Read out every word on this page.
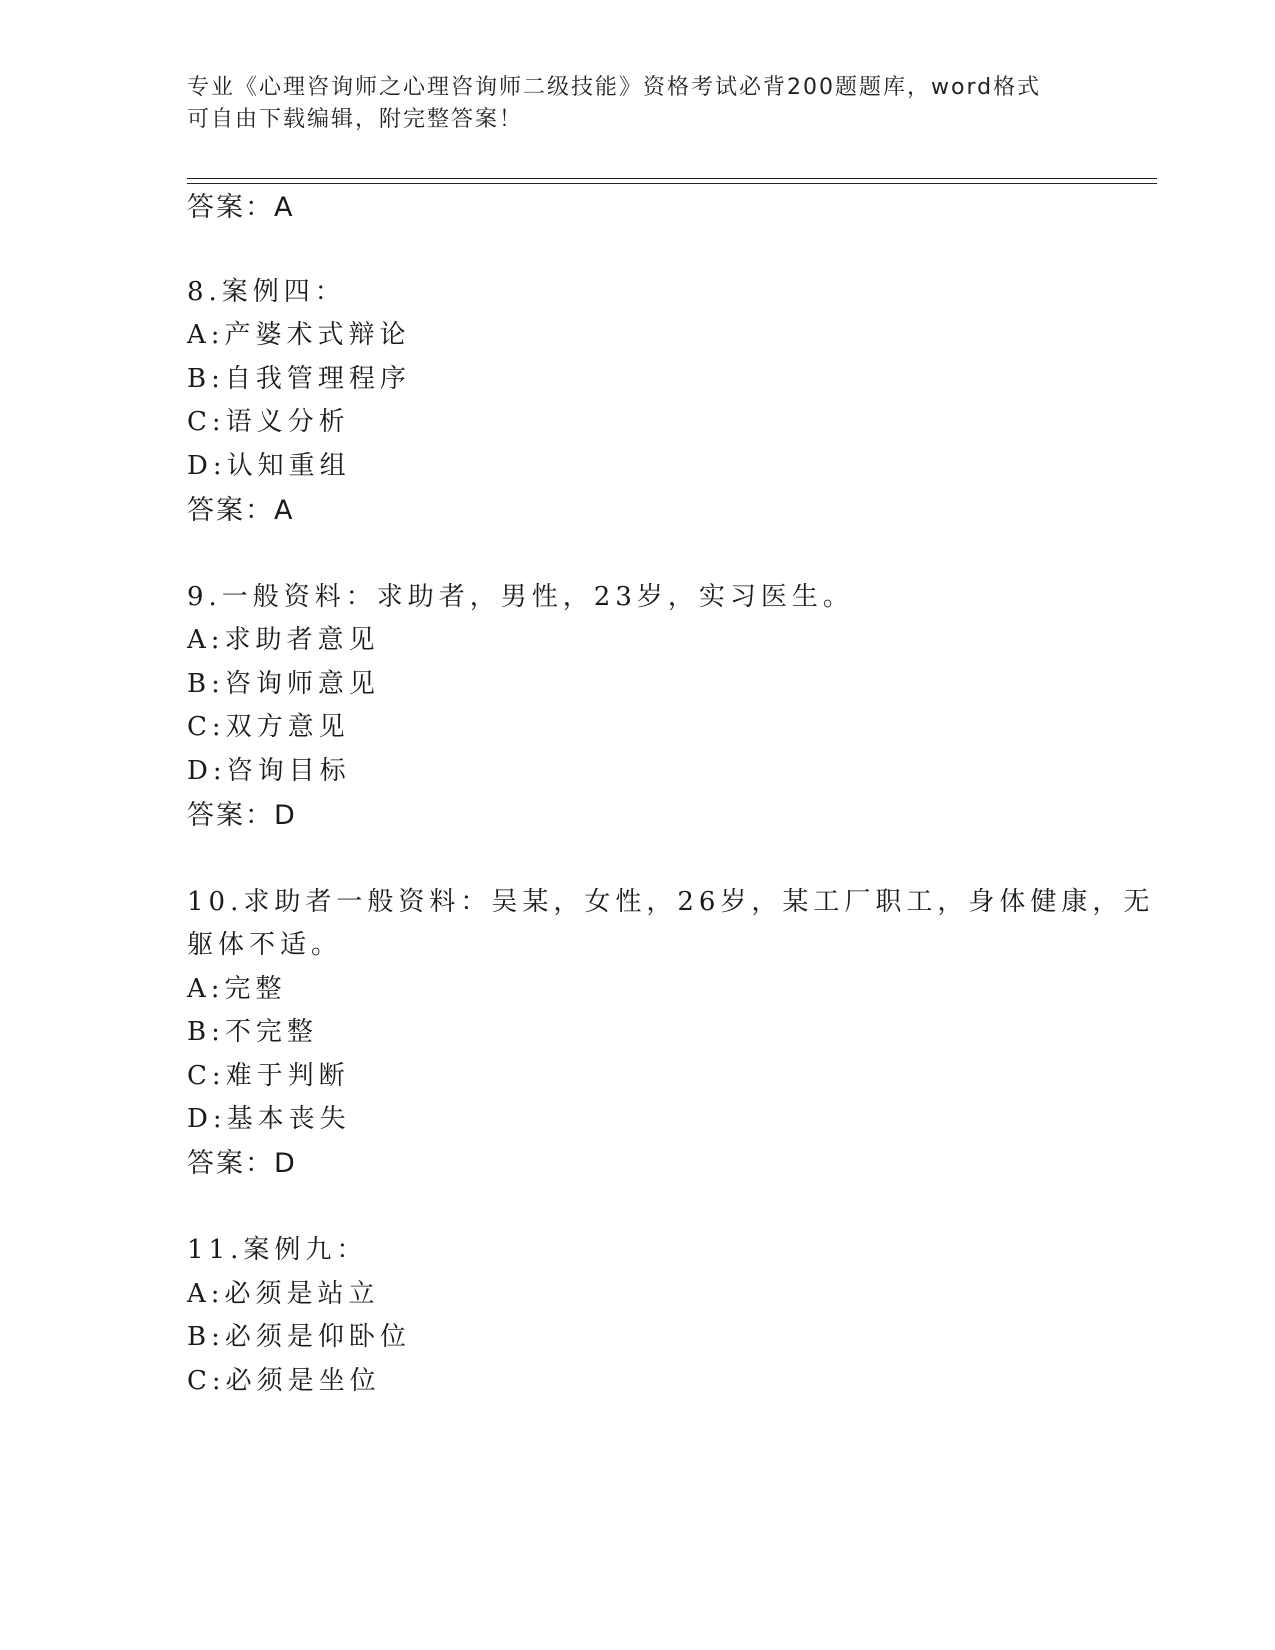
专业《心理咨询师之心理咨询师二级技能》资格考试必背200题题库，word格式
可自由下载编辑，附完整答案！
答案：A
8.案例四：
A:产婆术式辩论
B:自我管理程序
C:语义分析
D:认知重组
答案：A
9.一般资料：求助者，男性，23岁，实习医生。
A:求助者意见
B:咨询师意见
C:双方意见
D:咨询目标
答案：D
10.求助者一般资料：吴某，女性，26岁，某工厂职工，身体健康，无
躯体不适。
A:完整
B:不完整
C:难于判断
D:基本丧失
答案：D
11.案例九：
A:必须是站立
B:必须是仰卧位
C:必须是坐位
